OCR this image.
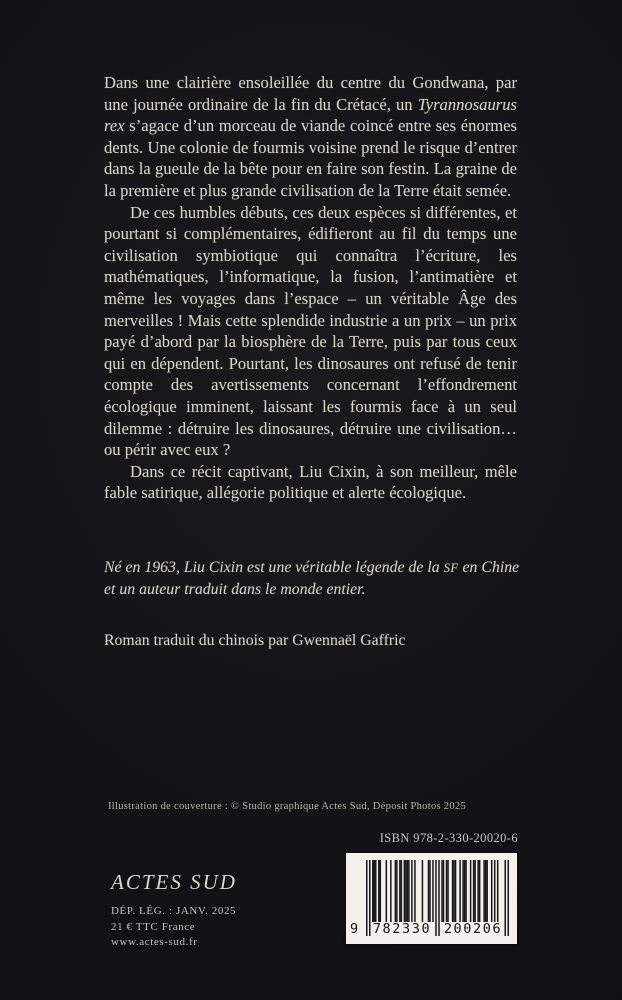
Dans une clairière ensoleillée du centre du Gondwana, par une journée ordinaire de la fin du Crétacé, un Tyrannosaurus rex s’agace d’un morceau de viande coincé entre ses énormes dents. Une colonie de fourmis voisine prend le risque d’entrer dans la gueule de la bête pour en faire son festin. La graine de la première et plus grande civilisation de la Terre était semée.

De ces humbles débuts, ces deux espèces si différentes, et pourtant si complémentaires, édifieront au fil du temps une civilisation symbiotique qui connaîtra l’écriture, les mathématiques, l’informatique, la fusion, l’antimatière et même les voyages dans l’espace – un véritable Âge des merveilles ! Mais cette splendide industrie a un prix – un prix payé d’abord par la biosphère de la Terre, puis par tous ceux qui en dépendent. Pourtant, les dinosaures ont refusé de tenir compte des avertissements concernant l’effondrement écologique imminent, laissant les fourmis face à un seul dilemme : détruire les dinosaures, détruire une civilisation… ou périr avec eux ?

Dans ce récit captivant, Liu Cixin, à son meilleur, mêle fable satirique, allégorie politique et alerte écologique.

Né en 1963, Liu Cixin est une véritable légende de la SF en Chine et un auteur traduit dans le monde entier.
Roman traduit du chinois par Gwennaël Gaffric
Illustration de couverture : © Studio graphique Actes Sud, Déposit Photos 2025
ISBN 978-2-330-20020-6

ACTES SUD

DÉP. LÉG. : JANV. 2025

21 € TTC France

www.actes-sud.fr

9	782330 200206
